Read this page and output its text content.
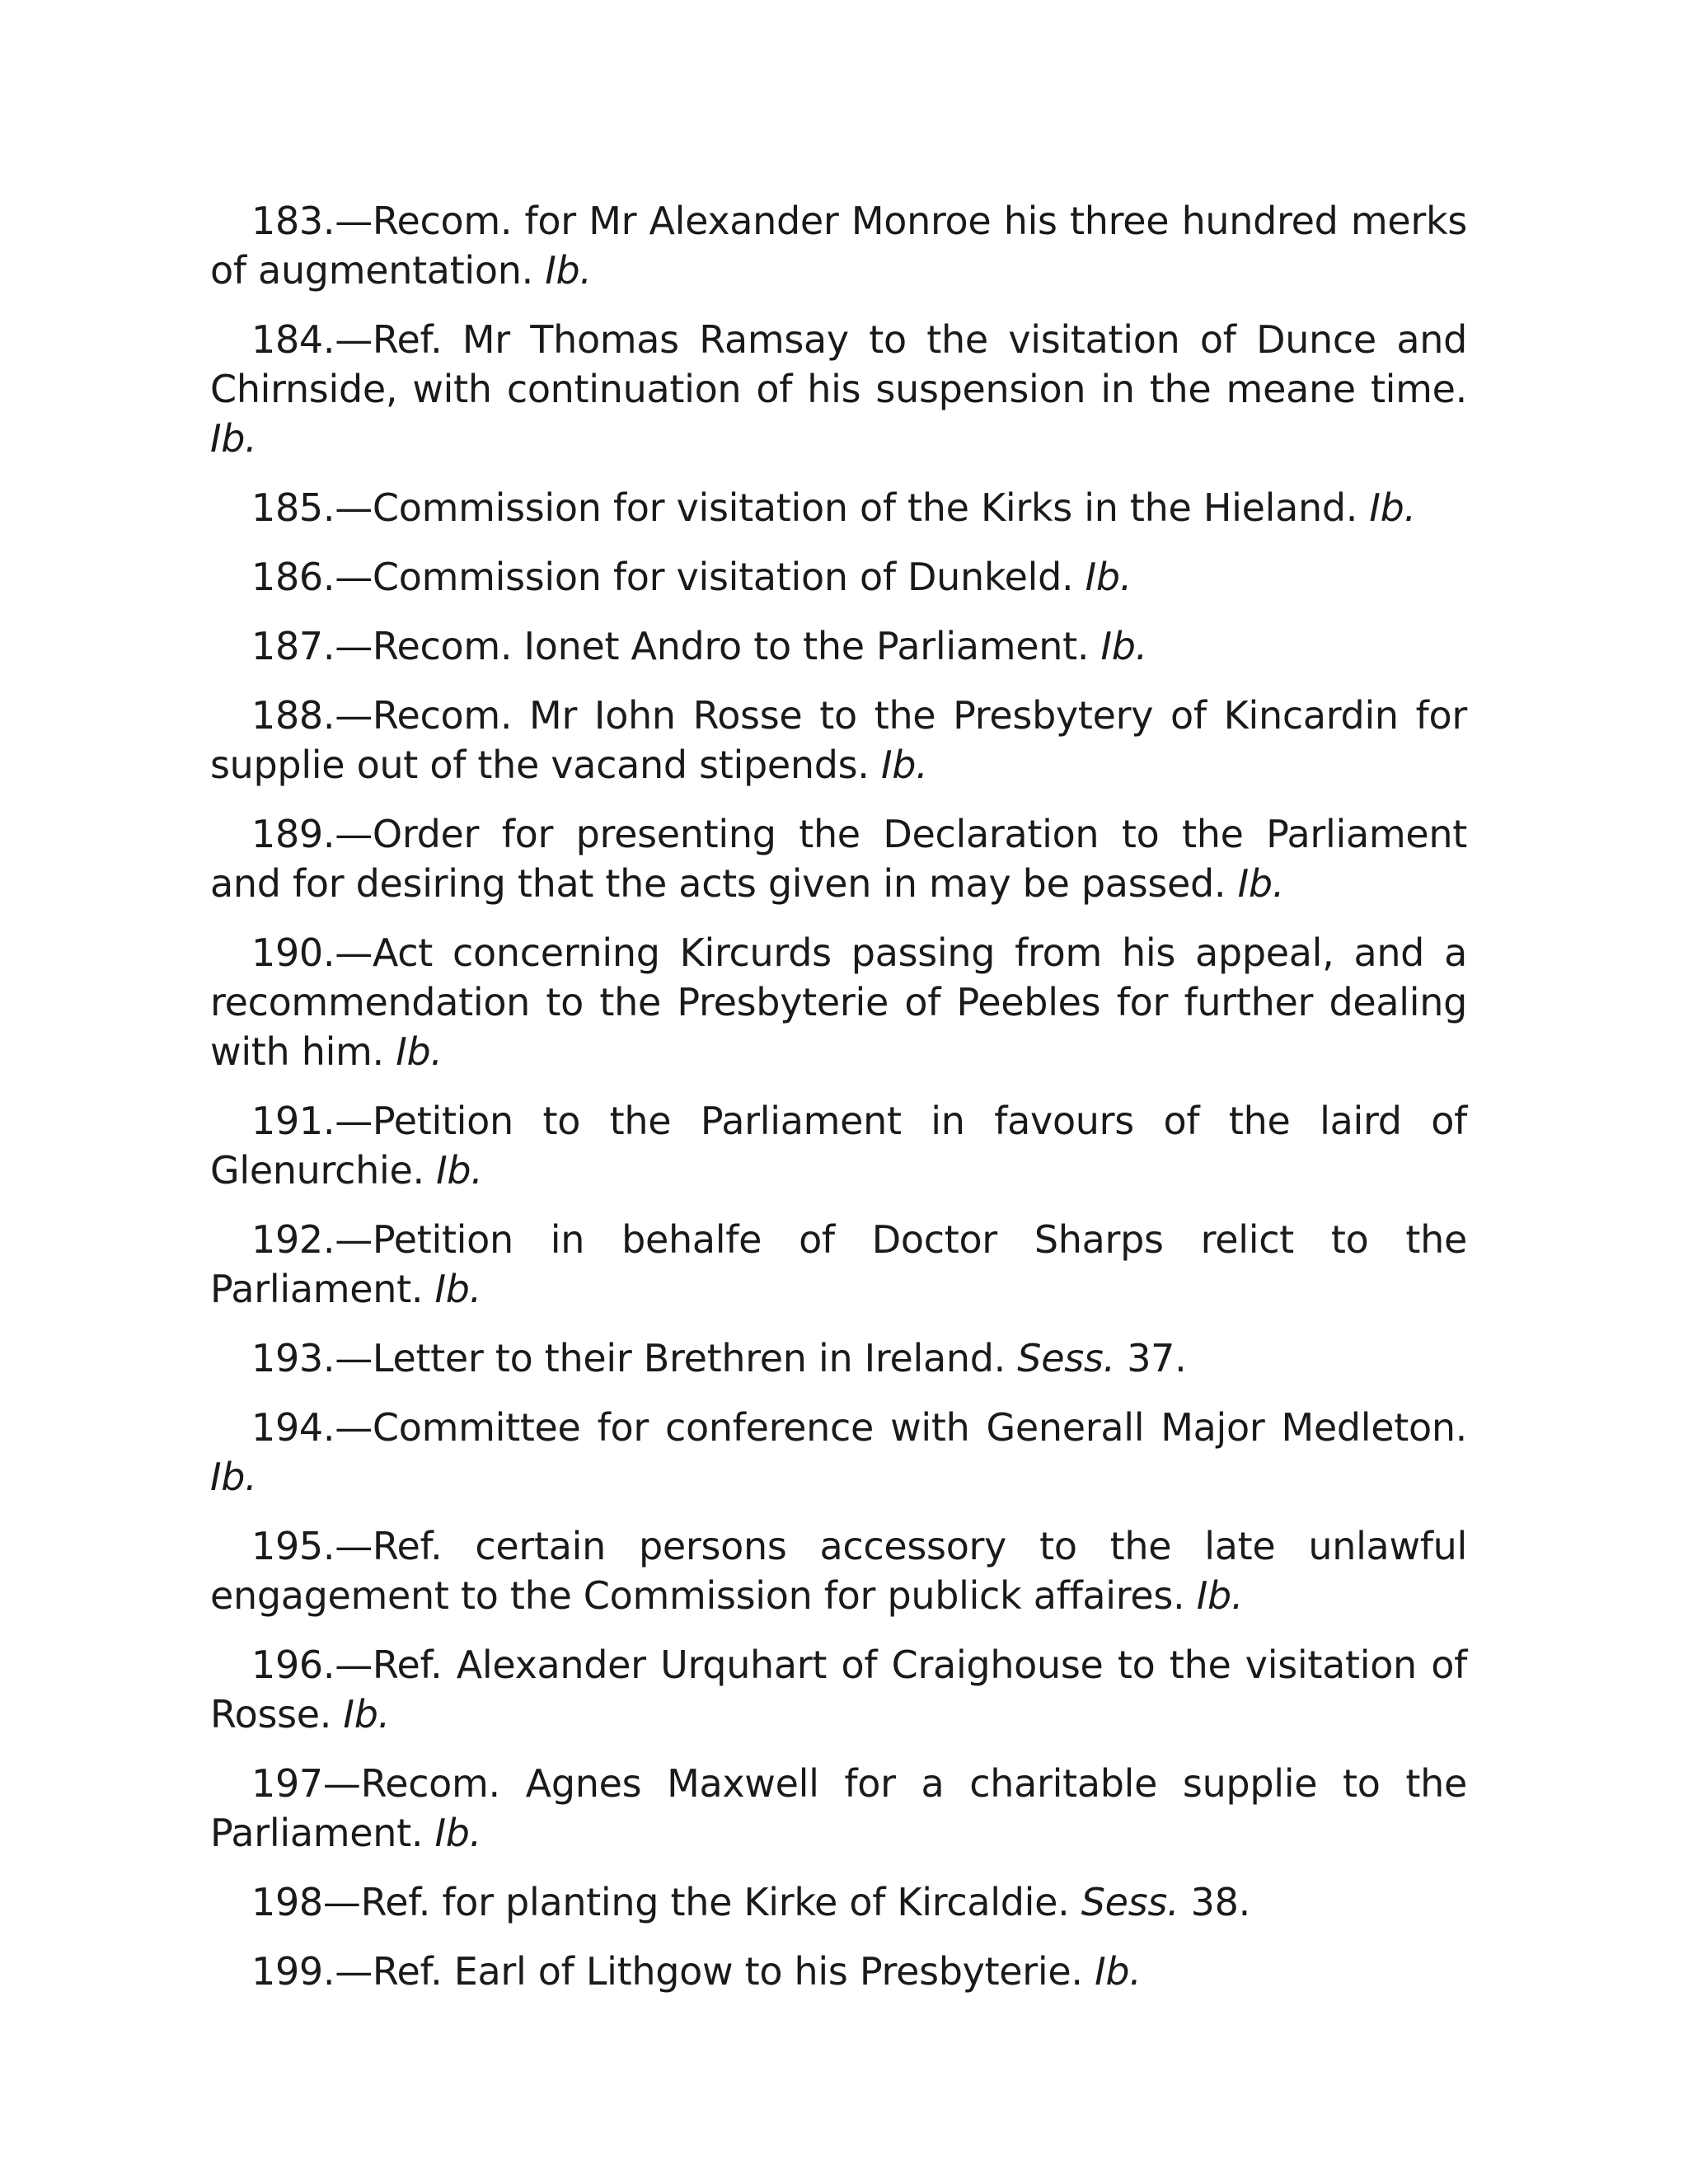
183.—Recom. for Mr Alexander Monroe his three hundred merks of augmentation. Ib.

184.—Ref. Mr Thomas Ramsay to the visitation of Dunce and Chirnside, with continuation of his suspension in the meane time. Ib.

185.—Commission for visitation of the Kirks in the Hieland. Ib.

186.—Commission for visitation of Dunkeld. Ib.

187.—Recom. Ionet Andro to the Parliament. Ib.

188.—Recom. Mr Iohn Rosse to the Presbytery of Kincardin for supplie out of the vacand stipends. Ib.

189.—Order for presenting the Declaration to the Parliament and for desiring that the acts given in may be passed. Ib.

190.—Act concerning Kircurds passing from his appeal, and a recommendation to the Presbyterie of Peebles for further dealing with him. Ib.

191.—Petition to the Parliament in favours of the laird of Glenurchie. Ib.

192.—Petition in behalfe of Doctor Sharps relict to the Parliament. Ib.

193.—Letter to their Brethren in Ireland. Sess. 37.

194.—Committee for conference with Generall Major Medleton. Ib.

195.—Ref. certain persons accessory to the late unlawful engagement to the Commission for publick affaires. Ib.

196.—Ref. Alexander Urquhart of Craighouse to the visitation of Rosse. Ib.

197—Recom. Agnes Maxwell for a charitable supplie to the Parliament. Ib.

198—Ref. for planting the Kirke of Kircaldie. Sess. 38.

199.—Ref. Earl of Lithgow to his Presbyterie. Ib.
